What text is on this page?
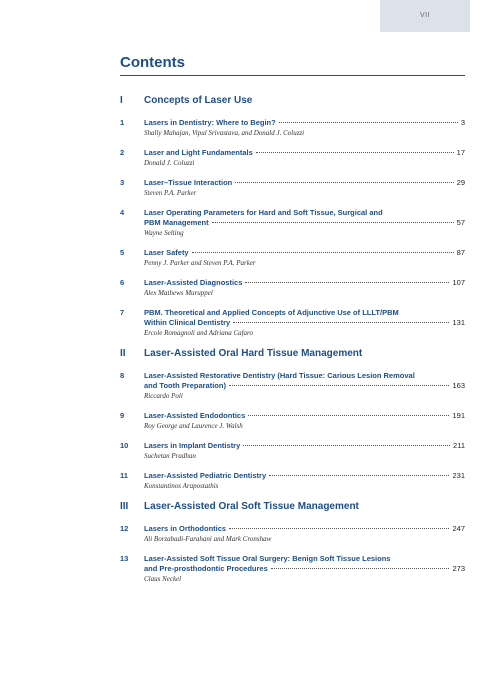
VII
Contents
I	Concepts of Laser Use
1	Lasers in Dentistry: Where to Begin?	3
Shally Mahajan, Vipul Srivastava, and Donald J. Coluzzi
2	Laser and Light Fundamentals	17
Donald J. Coluzzi
3	Laser–Tissue Interaction	29
Steven P.A. Parker
4	Laser Operating Parameters for Hard and Soft Tissue, Surgical and
PBM Management	57
Wayne Selting
5	Laser Safety	87
Penny J. Parker and Steven P.A. Parker
6	Laser-Assisted Diagnostics	107
Alex Mathews Muruppel
7	PBM. Theoretical and Applied Concepts of Adjunctive Use of LLLT/PBM
Within Clinical Dentistry	131
Ercole Romagnoli and Adriana Cafaro
II	Laser-Assisted Oral Hard Tissue Management
8	Laser-Assisted Restorative Dentistry (Hard Tissue: Carious Lesion Removal
and Tooth Preparation)	163
Riccardo Poli
9	Laser-Assisted Endodontics	191
Roy George and Laurence J. Walsh
10	Lasers in Implant Dentistry	211
Suchetan Pradhan
11	Laser-Assisted Pediatric Dentistry	231
Konstantinos Arapostathis
III	Laser-Assisted Oral Soft Tissue Management
12	Lasers in Orthodontics	247
Ali Borzabadi-Farahani and Mark Cronshaw
13	Laser-Assisted Soft Tissue Oral Surgery: Benign Soft Tissue Lesions
and Pre-prosthodontic Procedures	273
Claus Neckel
